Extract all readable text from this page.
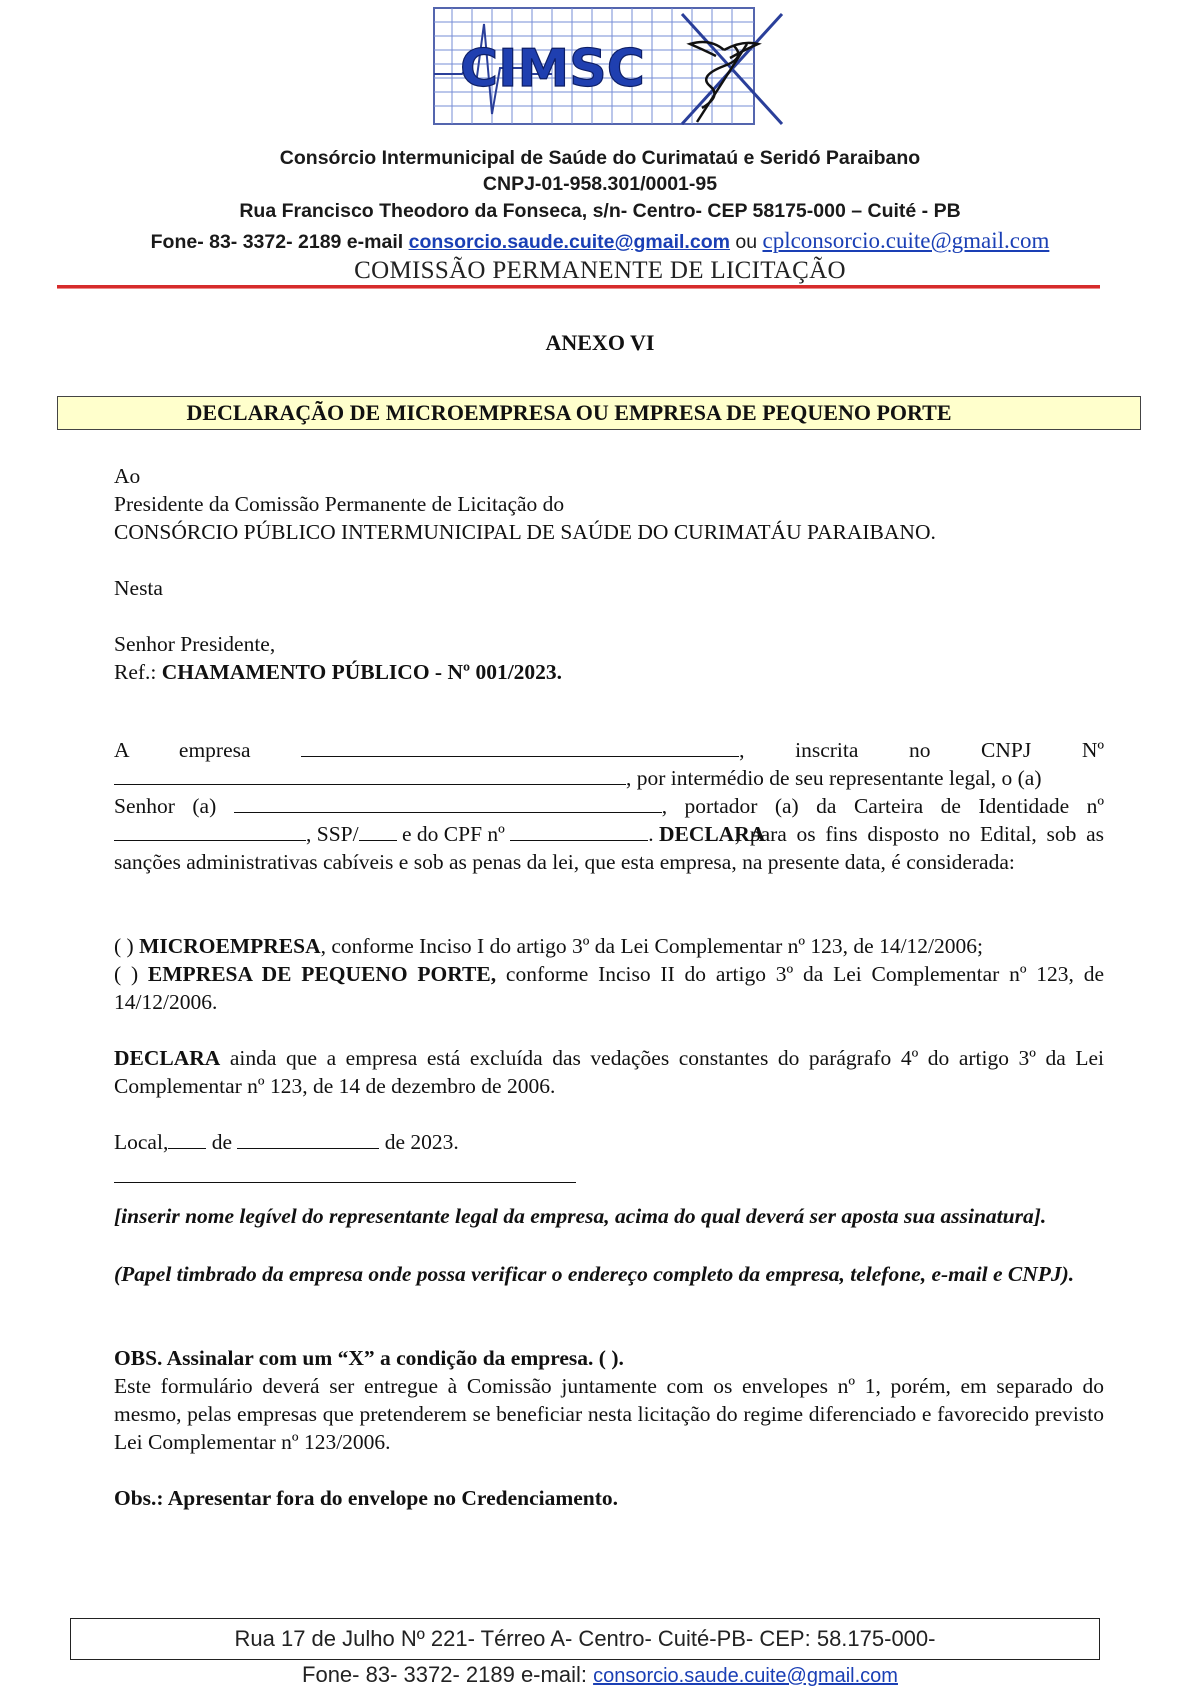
CIMSC
Consórcio Intermunicipal de Saúde do Curimataú e Seridó Paraibano
CNPJ-01-958.301/0001-95
Rua Francisco Theodoro da Fonseca, s/n- Centro- CEP 58175-000 – Cuité - PB
Fone- 83- 3372- 2189 e-mail consorcio.saude.cuite@gmail.com ou cplconsorcio.cuite@gmail.com
COMISSÃO PERMANENTE DE LICITAÇÃO
ANEXO VI
DECLARAÇÃO DE MICROEMPRESA OU EMPRESA DE PEQUENO PORTE
Ao
Presidente da Comissão Permanente de Licitação do
CONSÓRCIO PÚBLICO INTERMUNICIPAL DE SAÚDE DO CURIMATÁU PARAIBANO.
Nesta
Senhor Presidente,
Ref.: CHAMAMENTO PÚBLICO - Nº 001/2023.
A empresa	, inscrita no CNPJ Nº
, por intermédio de seu representante legal, o (a)
Senhor (a)	, portador (a) da Carteira de Identidade nº
, SSP/ e do CPF nº	. DECLARA
, para os fins disposto no Edital, sob as sanções administrativas cabíveis e sob as penas da lei, que esta empresa, na presente data, é considerada:
( ) MICROEMPRESA, conforme Inciso I do artigo 3º da Lei Complementar nº 123, de 14/12/2006;
( ) EMPRESA DE PEQUENO PORTE, conforme Inciso II do artigo 3º da Lei Complementar nº 123, de 14/12/2006.
DECLARA ainda que a empresa está excluída das vedações constantes do parágrafo 4º do artigo 3º da Lei Complementar nº 123, de 14 de dezembro de 2006.
Local, de	de 2023.
[inserir nome legível do representante legal da empresa, acima do qual deverá ser aposta sua assinatura].
(Papel timbrado da empresa onde possa verificar o endereço completo da empresa, telefone, e-mail e CNPJ).
OBS. Assinalar com um “X” a condição da empresa. ( ).
Este formulário deverá ser entregue à Comissão juntamente com os envelopes nº 1, porém, em separado do mesmo, pelas empresas que pretenderem se beneficiar nesta licitação do regime diferenciado e favorecido previsto Lei Complementar nº 123/2006.
Obs.: Apresentar fora do envelope no Credenciamento.
Rua 17 de Julho Nº 221- Térreo A- Centro- Cuité-PB- CEP: 58.175-000-
Fone- 83- 3372- 2189 e-mail: consorcio.saude.cuite@gmail.com
